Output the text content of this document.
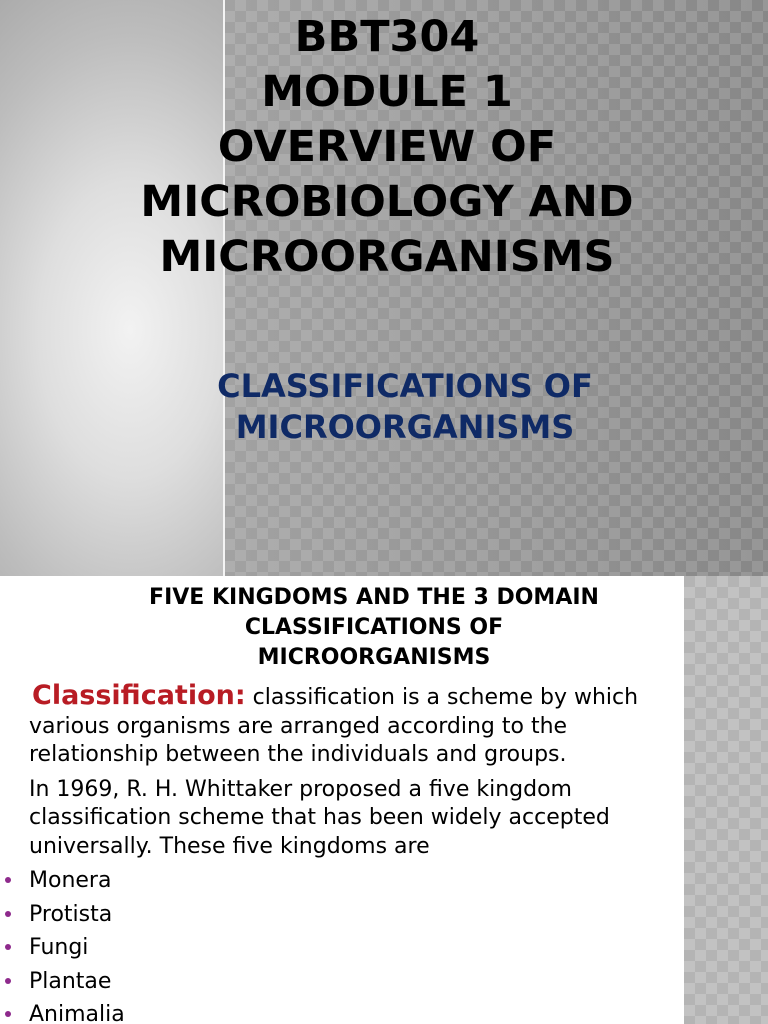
BBT304
MODULE 1
OVERVIEW OF
MICROBIOLOGY AND
MICROORGANISMS
CLASSIFICATIONS OF
MICROORGANISMS
FIVE KINGDOMS AND THE 3 DOMAIN
CLASSIFICATIONS OF
MICROORGANISMS

Classification: classification is a scheme by which
various organisms are arranged according to the
relationship between the individuals and groups.

In 1969, R. H. Whittaker proposed a five kingdom
classification scheme that has been widely accepted
universally. These five kingdoms are

Monera
Protista
Fungi
Plantae
Animalia
